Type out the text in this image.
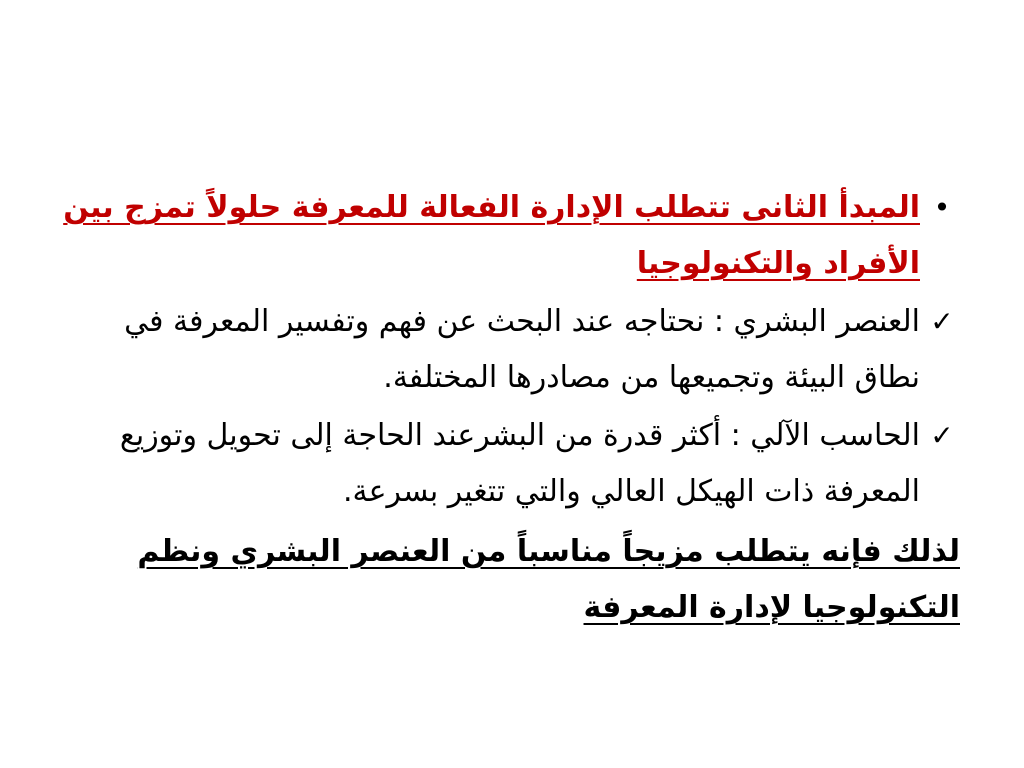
•
المبدأ الثانى تتطلب الإدارة الفعالة للمعرفة حلولاً تمزج بين الأفراد والتكنولوجيا

✓
العنصر البشري : نحتاجه عند البحث عن فهم وتفسير المعرفة في نطاق البيئة وتجميعها من مصادرها المختلفة.

✓
الحاسب الآلي : أكثر قدرة من البشرعند الحاجة إلى تحويل وتوزيع المعرفة ذات الهيكل العالي والتي تتغير بسرعة.

لذلك فإنه يتطلب مزيجاً مناسباً من العنصر البشري ونظم التكنولوجيا لإدارة المعرفة
